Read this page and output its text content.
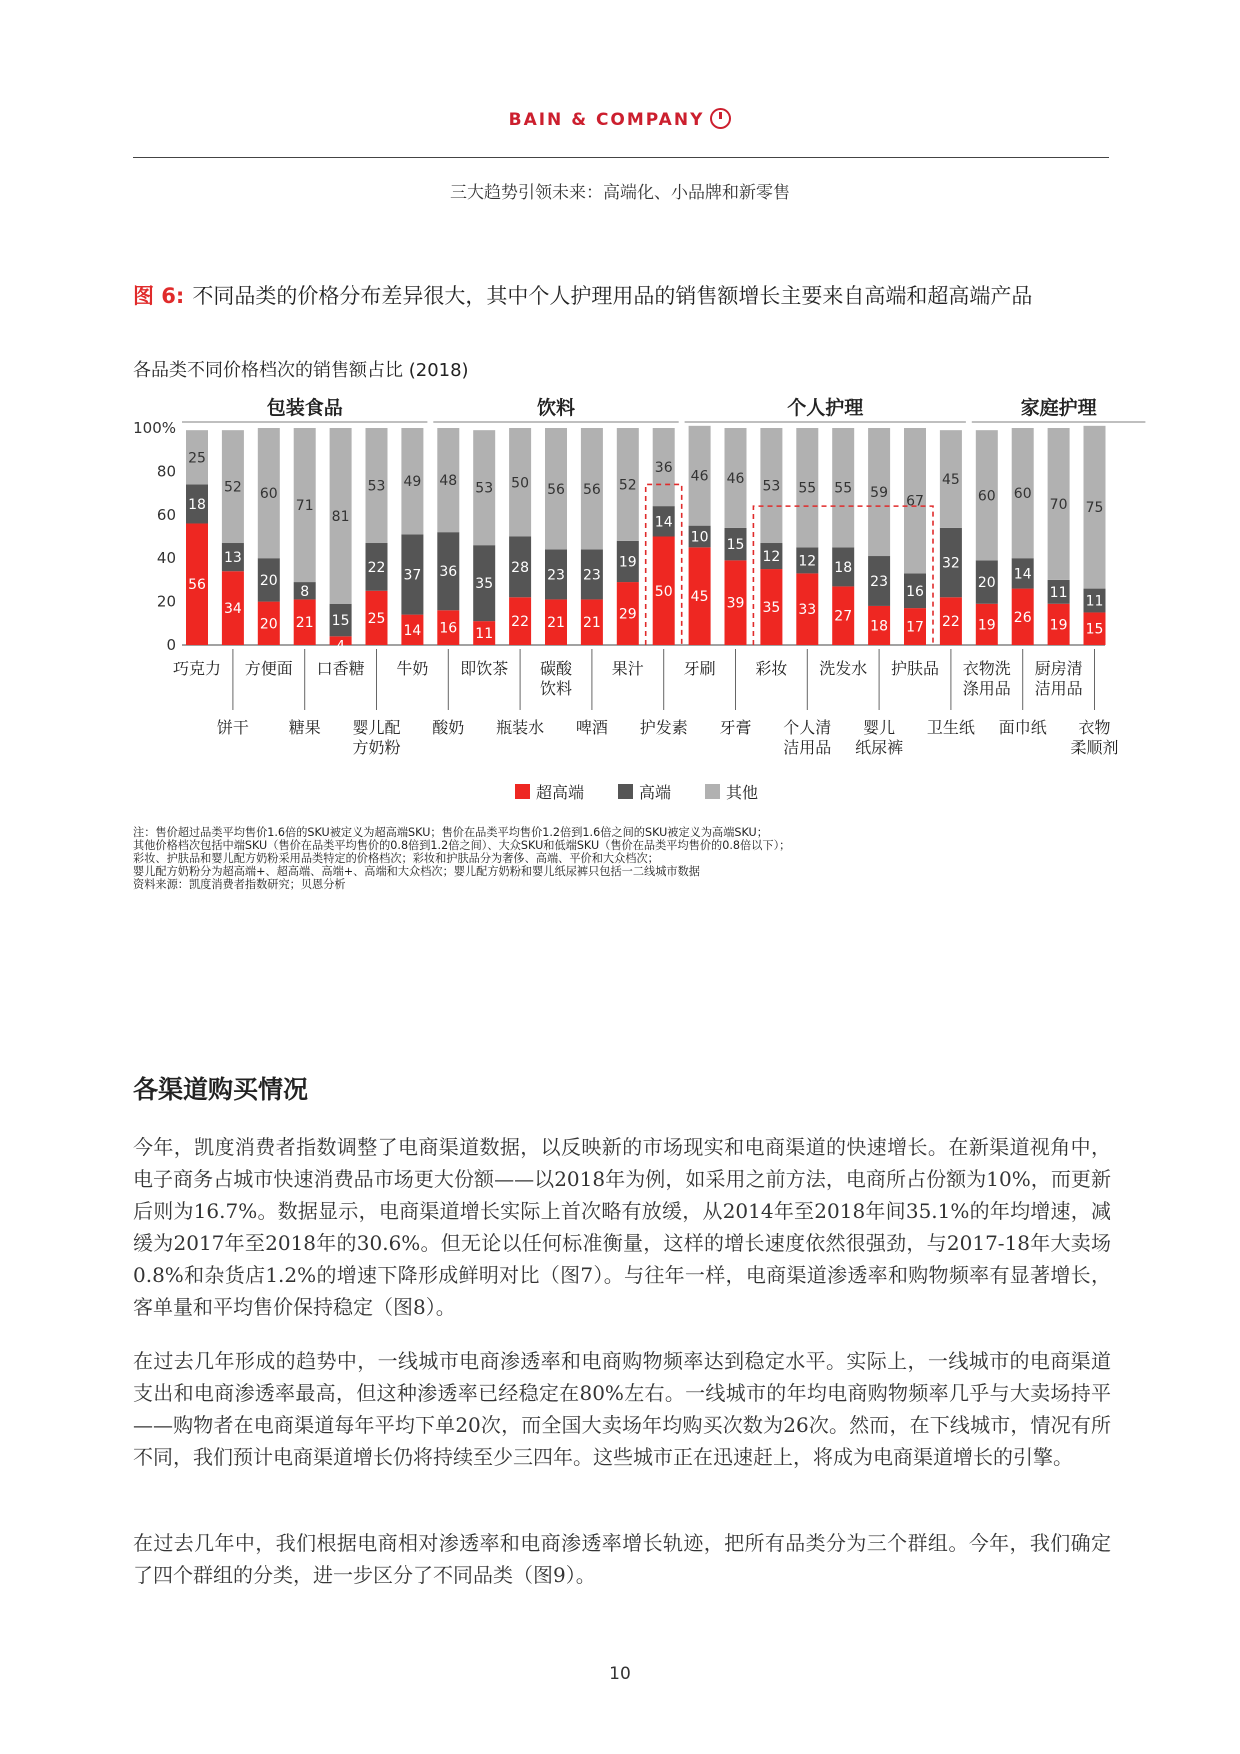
BAIN & COMPANY
三大趋势引领未来：高端化、小品牌和新零售
图 6: 不同品类的价格分布差异很大，其中个人护理用品的销售额增长主要来自高端和超高端产品
各品类不同价格档次的销售额占比 (2018)
100%
80
60
40
20
0
包装食品	饮料	个人护理	家庭护理
56
18
25
34
13
52
20
20
60
21
8
71
4
15
81
25
22
53
14
37
49
16
36
48
11
35
53
22
28
50
21
23
56
21
23
56
29
19
52
50
14
36
45
10
46
39
15
46
35
12
53
33
12
55
27
18
55
18
23
59
17
16
67
22
32
45
19
20
60
26
14
60
19
11
70
15
11
75
巧克力
饼干
方便面
糖果
口香糖
婴儿配
方奶粉
牛奶
酸奶
即饮茶
瓶装水
碳酸
饮料
啤酒
果汁
护发素
牙刷
牙膏
彩妆
个人清
洁用品
洗发水
婴儿
纸尿裤
护肤品
卫生纸
衣物洗
涤用品
面巾纸
厨房清
洁用品
衣物
柔顺剂
超高端	高端	其他
注：售价超过品类平均售价1.6倍的SKU被定义为超高端SKU；售价在品类平均售价1.2倍到1.6倍之间的SKU被定义为高端SKU；
其他价格档次包括中端SKU（售价在品类平均售价的0.8倍到1.2倍之间）、大众SKU和低端SKU（售价在品类平均售价的0.8倍以下）；
彩妆、护肤品和婴儿配方奶粉采用品类特定的价格档次；彩妆和护肤品分为奢侈、高端、平价和大众档次；
婴儿配方奶粉分为超高端+、超高端、高端+、高端和大众档次；婴儿配方奶粉和婴儿纸尿裤只包括一二线城市数据
资料来源：凯度消费者指数研究；贝恩分析
各渠道购买情况
今年，凯度消费者指数调整了电商渠道数据，以反映新的市场现实和电商渠道的快速增长。在新渠道视角中，电子商务占城市快速消费品市场更大份额——以2018年为例，如采用之前方法，电商所占份额为10%，而更新后则为16.7%。数据显示，电商渠道增长实际上首次略有放缓，从2014年至2018年间35.1%的年均增速，减缓为2017年至2018年的30.6%。但无论以任何标准衡量，这样的增长速度依然很强劲，与2017-18年大卖场0.8%和杂货店1.2%的增速下降形成鲜明对比（图7）。与往年一样，电商渠道渗透率和购物频率有显著增长，客单量和平均售价保持稳定（图8）。
在过去几年形成的趋势中，一线城市电商渗透率和电商购物频率达到稳定水平。实际上，一线城市的电商渠道支出和电商渗透率最高，但这种渗透率已经稳定在80%左右。一线城市的年均电商购物频率几乎与大卖场持平——购物者在电商渠道每年平均下单20次，而全国大卖场年均购买次数为26次。然而，在下线城市，情况有所不同，我们预计电商渠道增长仍将持续至少三四年。这些城市正在迅速赶上，将成为电商渠道增长的引擎。
在过去几年中，我们根据电商相对渗透率和电商渗透率增长轨迹，把所有品类分为三个群组。今年，我们确定了四个群组的分类，进一步区分了不同品类（图9）。
10
